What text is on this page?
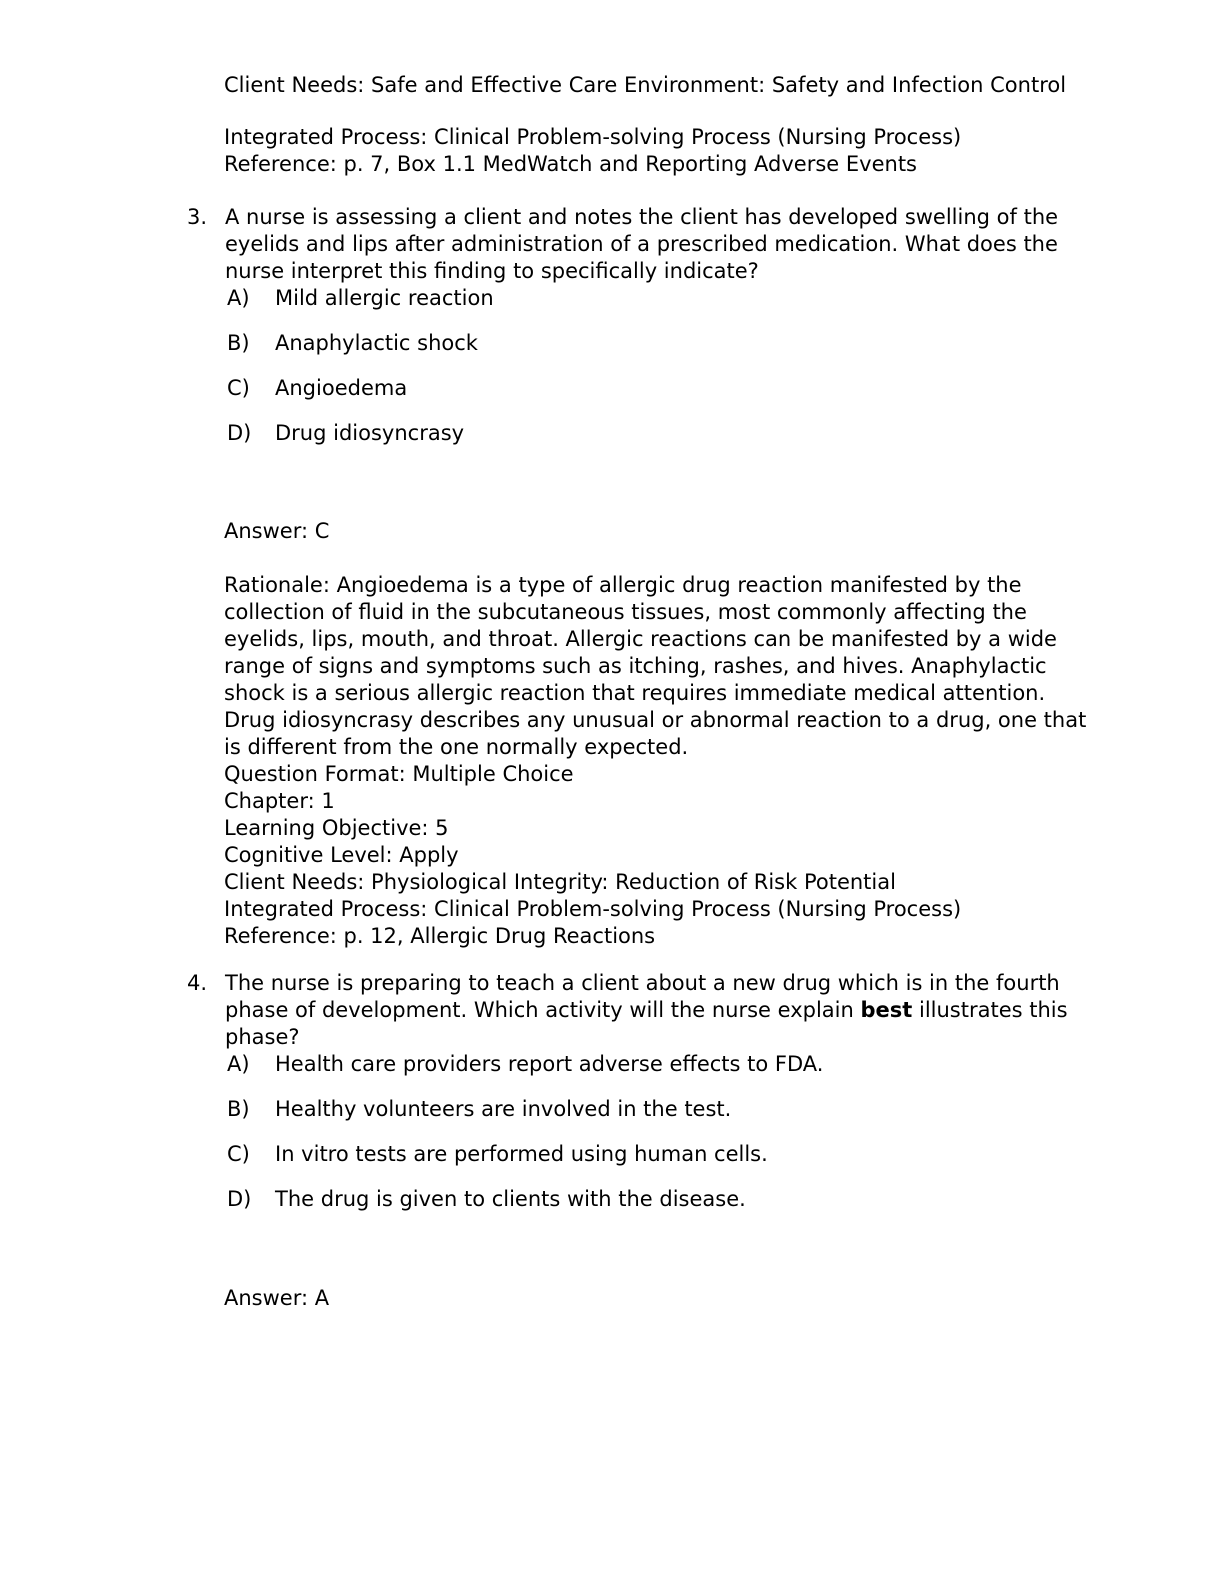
Client Needs: Safe and Effective Care Environment: Safety and Infection Control
Integrated Process: Clinical Problem-solving Process (Nursing Process)
Reference: p. 7, Box 1.1 MedWatch and Reporting Adverse Events
3. A nurse is assessing a client and notes the client has developed swelling of the
eyelids and lips after administration of a prescribed medication. What does the
nurse interpret this finding to specifically indicate?
A)	Mild allergic reaction
B)	Anaphylactic shock
C)	Angioedema
D)	Drug idiosyncrasy
Answer: C
Rationale: Angioedema is a type of allergic drug reaction manifested by the
collection of fluid in the subcutaneous tissues, most commonly affecting the
eyelids, lips, mouth, and throat. Allergic reactions can be manifested by a wide
range of signs and symptoms such as itching, rashes, and hives. Anaphylactic
shock is a serious allergic reaction that requires immediate medical attention.
Drug idiosyncrasy describes any unusual or abnormal reaction to a drug, one that
is different from the one normally expected.
Question Format: Multiple Choice
Chapter: 1
Learning Objective: 5
Cognitive Level: Apply
Client Needs: Physiological Integrity: Reduction of Risk Potential
Integrated Process: Clinical Problem-solving Process (Nursing Process)
Reference: p. 12, Allergic Drug Reactions
4. The nurse is preparing to teach a client about a new drug which is in the fourth
phase of development. Which activity will the nurse explain best illustrates this
phase?
A)	Health care providers report adverse effects to FDA.
B)	Healthy volunteers are involved in the test.
C)	In vitro tests are performed using human cells.
D)	The drug is given to clients with the disease.
Answer: A
